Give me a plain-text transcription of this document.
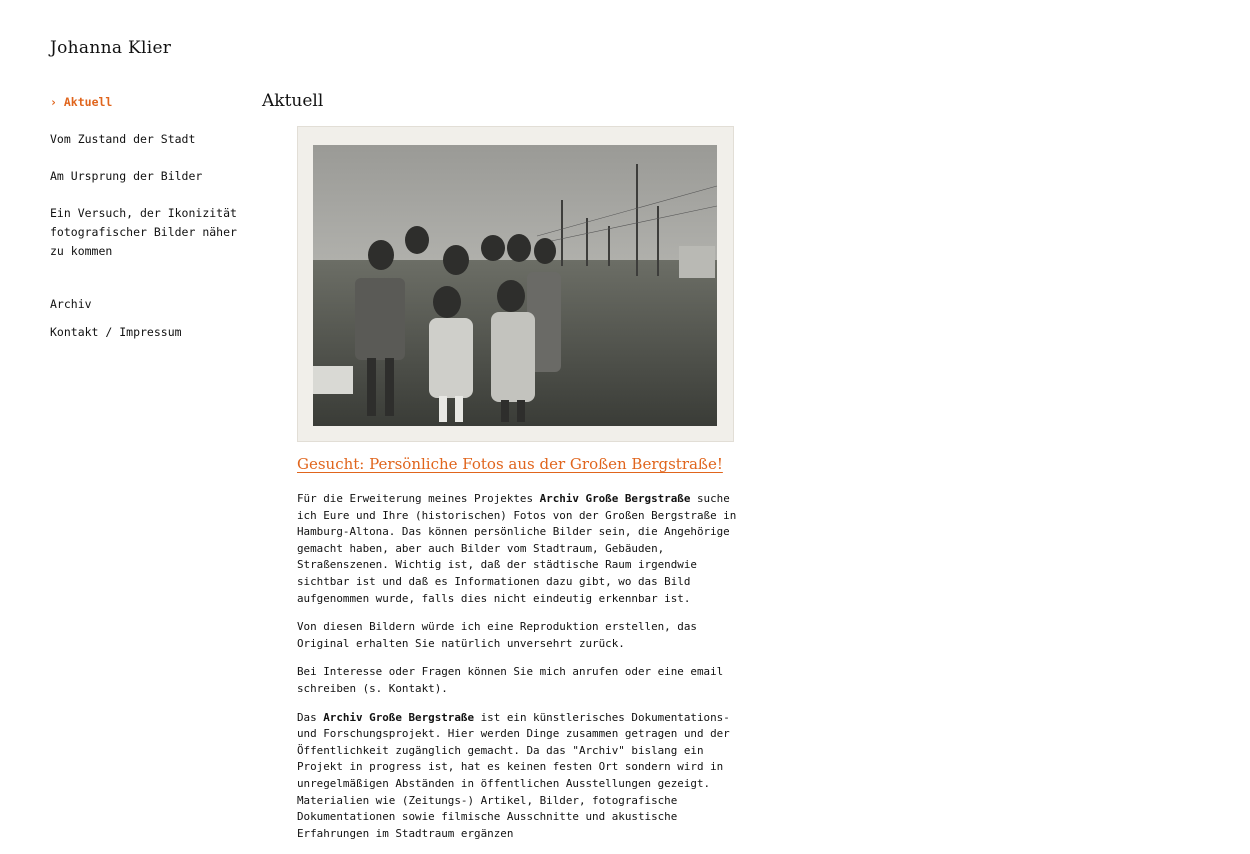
Johanna Klier
› Aktuell
Vom Zustand der Stadt
Am Ursprung der Bilder
Ein Versuch, der Ikonizität fotografischer Bilder näher zu kommen
Archiv
Kontakt / Impressum
Aktuell
Gesucht: Persönliche Fotos aus der Großen Bergstraße!

Für die Erweiterung meines Projektes Archiv Große Bergstraße suche ich Eure und Ihre (historischen) Fotos von der Großen Bergstraße in Hamburg-Altona. Das können persönliche Bilder sein, die Angehörige gemacht haben, aber auch Bilder vom Stadtraum, Gebäuden, Straßenszenen. Wichtig ist, daß der städtische Raum irgendwie sichtbar ist und daß es Informationen dazu gibt, wo das Bild aufgenommen wurde, falls dies nicht eindeutig erkennbar ist.

Von diesen Bildern würde ich eine Reproduktion erstellen, das Original erhalten Sie natürlich unversehrt zurück.

Bei Interesse oder Fragen können Sie mich anrufen oder eine email schreiben (s. Kontakt).

Das Archiv Große Bergstraße ist ein künstlerisches Dokumentations- und Forschungsprojekt. Hier werden Dinge zusammen getragen und der Öffentlichkeit zugänglich gemacht. Da das "Archiv" bislang ein Projekt in progress ist, hat es keinen festen Ort sondern wird in unregelmäßigen Abständen in öffentlichen Ausstellungen gezeigt. Materialien wie (Zeitungs-) Artikel, Bilder, fotografische Dokumentationen sowie filmische Ausschnitte und akustische Erfahrungen im Stadtraum ergänzen
